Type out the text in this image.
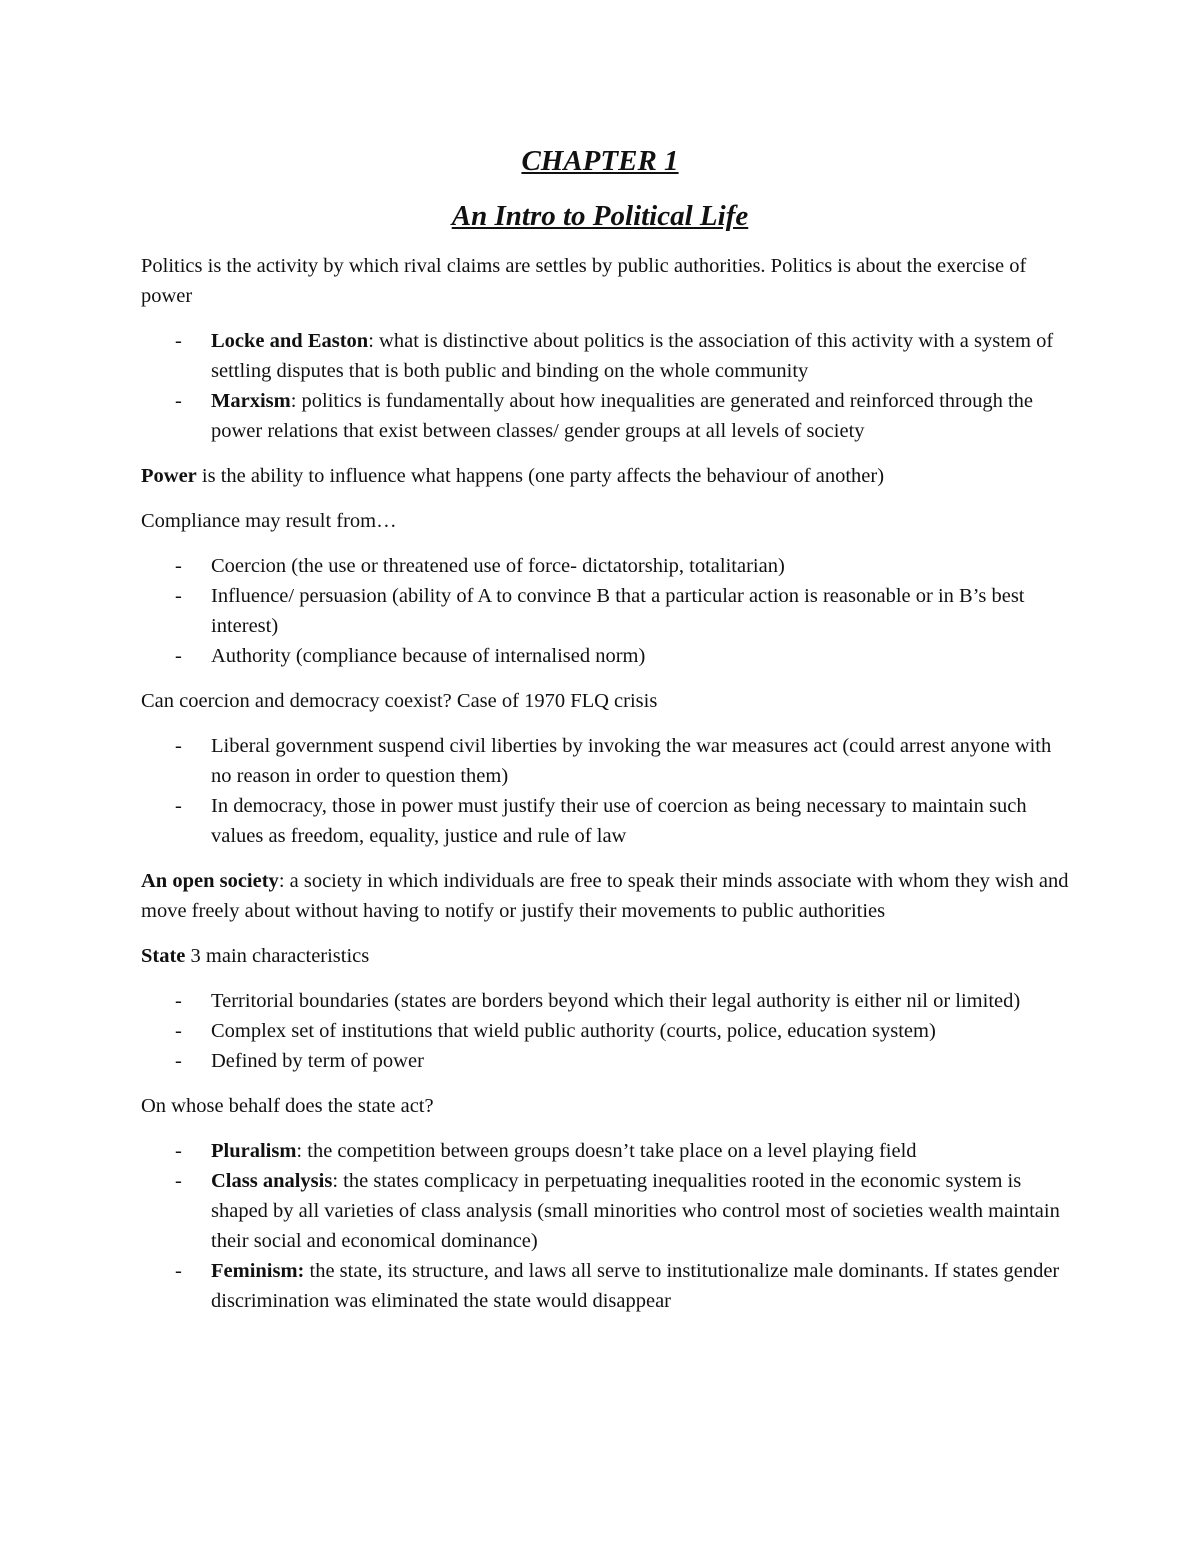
CHAPTER 1
An Intro to Political Life

Politics is the activity by which rival claims are settles by public authorities. Politics is about the exercise of power

- Locke and Easton: what is distinctive about politics is the association of this activity with a system of settling disputes that is both public and binding on the whole community
- Marxism: politics is fundamentally about how inequalities are generated and reinforced through the power relations that exist between classes/ gender groups at all levels of society

Power is the ability to influence what happens (one party affects the behaviour of another)

Compliance may result from…

- Coercion (the use or threatened use of force- dictatorship, totalitarian)
- Influence/ persuasion (ability of A to convince B that a particular action is reasonable or in B’s best interest)
- Authority (compliance because of internalised norm)

Can coercion and democracy coexist? Case of 1970 FLQ crisis

- Liberal government suspend civil liberties by invoking the war measures act (could arrest anyone with no reason in order to question them)
- In democracy, those in power must justify their use of coercion as being necessary to maintain such values as freedom, equality, justice and rule of law

An open society: a society in which individuals are free to speak their minds associate with whom they wish and move freely about without having to notify or justify their movements to public authorities

State 3 main characteristics

- Territorial boundaries (states are borders beyond which their legal authority is either nil or limited)
- Complex set of institutions that wield public authority (courts, police, education system)
- Defined by term of power

On whose behalf does the state act?

- Pluralism: the competition between groups doesn’t take place on a level playing field
- Class analysis: the states complicacy in perpetuating inequalities rooted in the economic system is shaped by all varieties of class analysis (small minorities who control most of societies wealth maintain their social and economical dominance)
- Feminism: the state, its structure, and laws all serve to institutionalize male dominants. If states gender discrimination was eliminated the state would disappear
